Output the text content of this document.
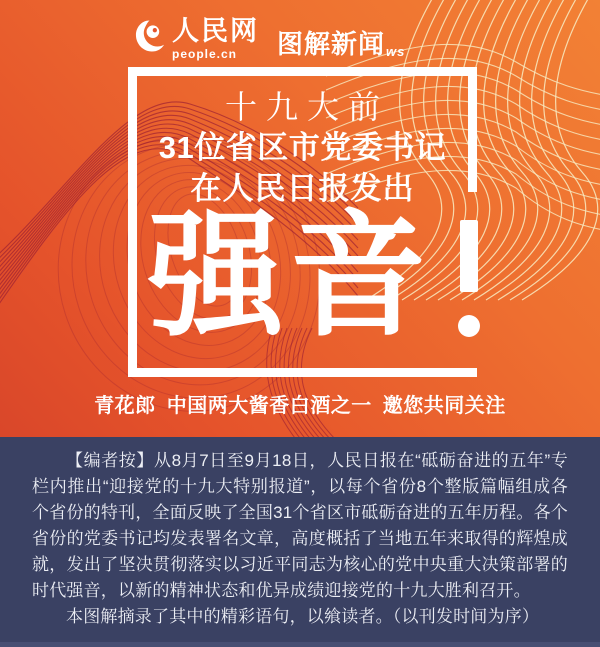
人民网
people.cn	图解新闻ws
十九大前
31位省区市党委书记
在人民日报发出
强音
青花郎 中国两大酱香白酒之一 邀您共同关注

【编者按】从8月7日至9月18日，人民日报在“砥砺奋进的五年”专栏内推出“迎接党的十九大特别报道”，以每个省份8个整版篇幅组成各个省份的特刊，全面反映了全国31个省区市砥砺奋进的五年历程。各个省份的党委书记均发表署名文章，高度概括了当地五年来取得的辉煌成就，发出了坚决贯彻落实以习近平同志为核心的党中央重大决策部署的时代强音，以新的精神状态和优异成绩迎接党的十九大胜利召开。

本图解摘录了其中的精彩语句，以飨读者。（以刊发时间为序）
